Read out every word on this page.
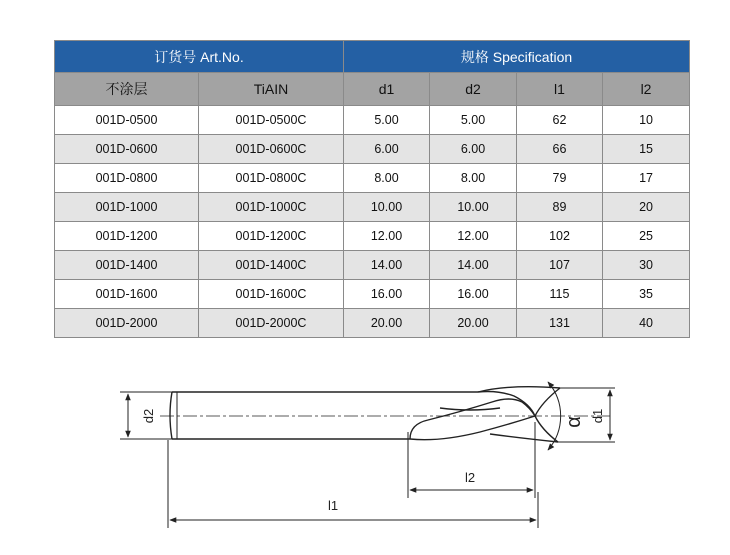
订货号 Art.No.		规格 Specification			
不涂层	TiAIN	d1	d2	l1	l2
001D-0500	001D-0500C	5.00	5.00	62	10
001D-0600	001D-0600C	6.00	6.00	66	15
001D-0800	001D-0800C	8.00	8.00	79	17
001D-1000	001D-1000C	10.00	10.00	89	20
001D-1200	001D-1200C	12.00	12.00	102	25
001D-1400	001D-1400C	14.00	14.00	107	30
001D-1600	001D-1600C	16.00	16.00	115	35
001D-2000	001D-2000C	20.00	20.00	131	40
d2	α d1
l2
l1
